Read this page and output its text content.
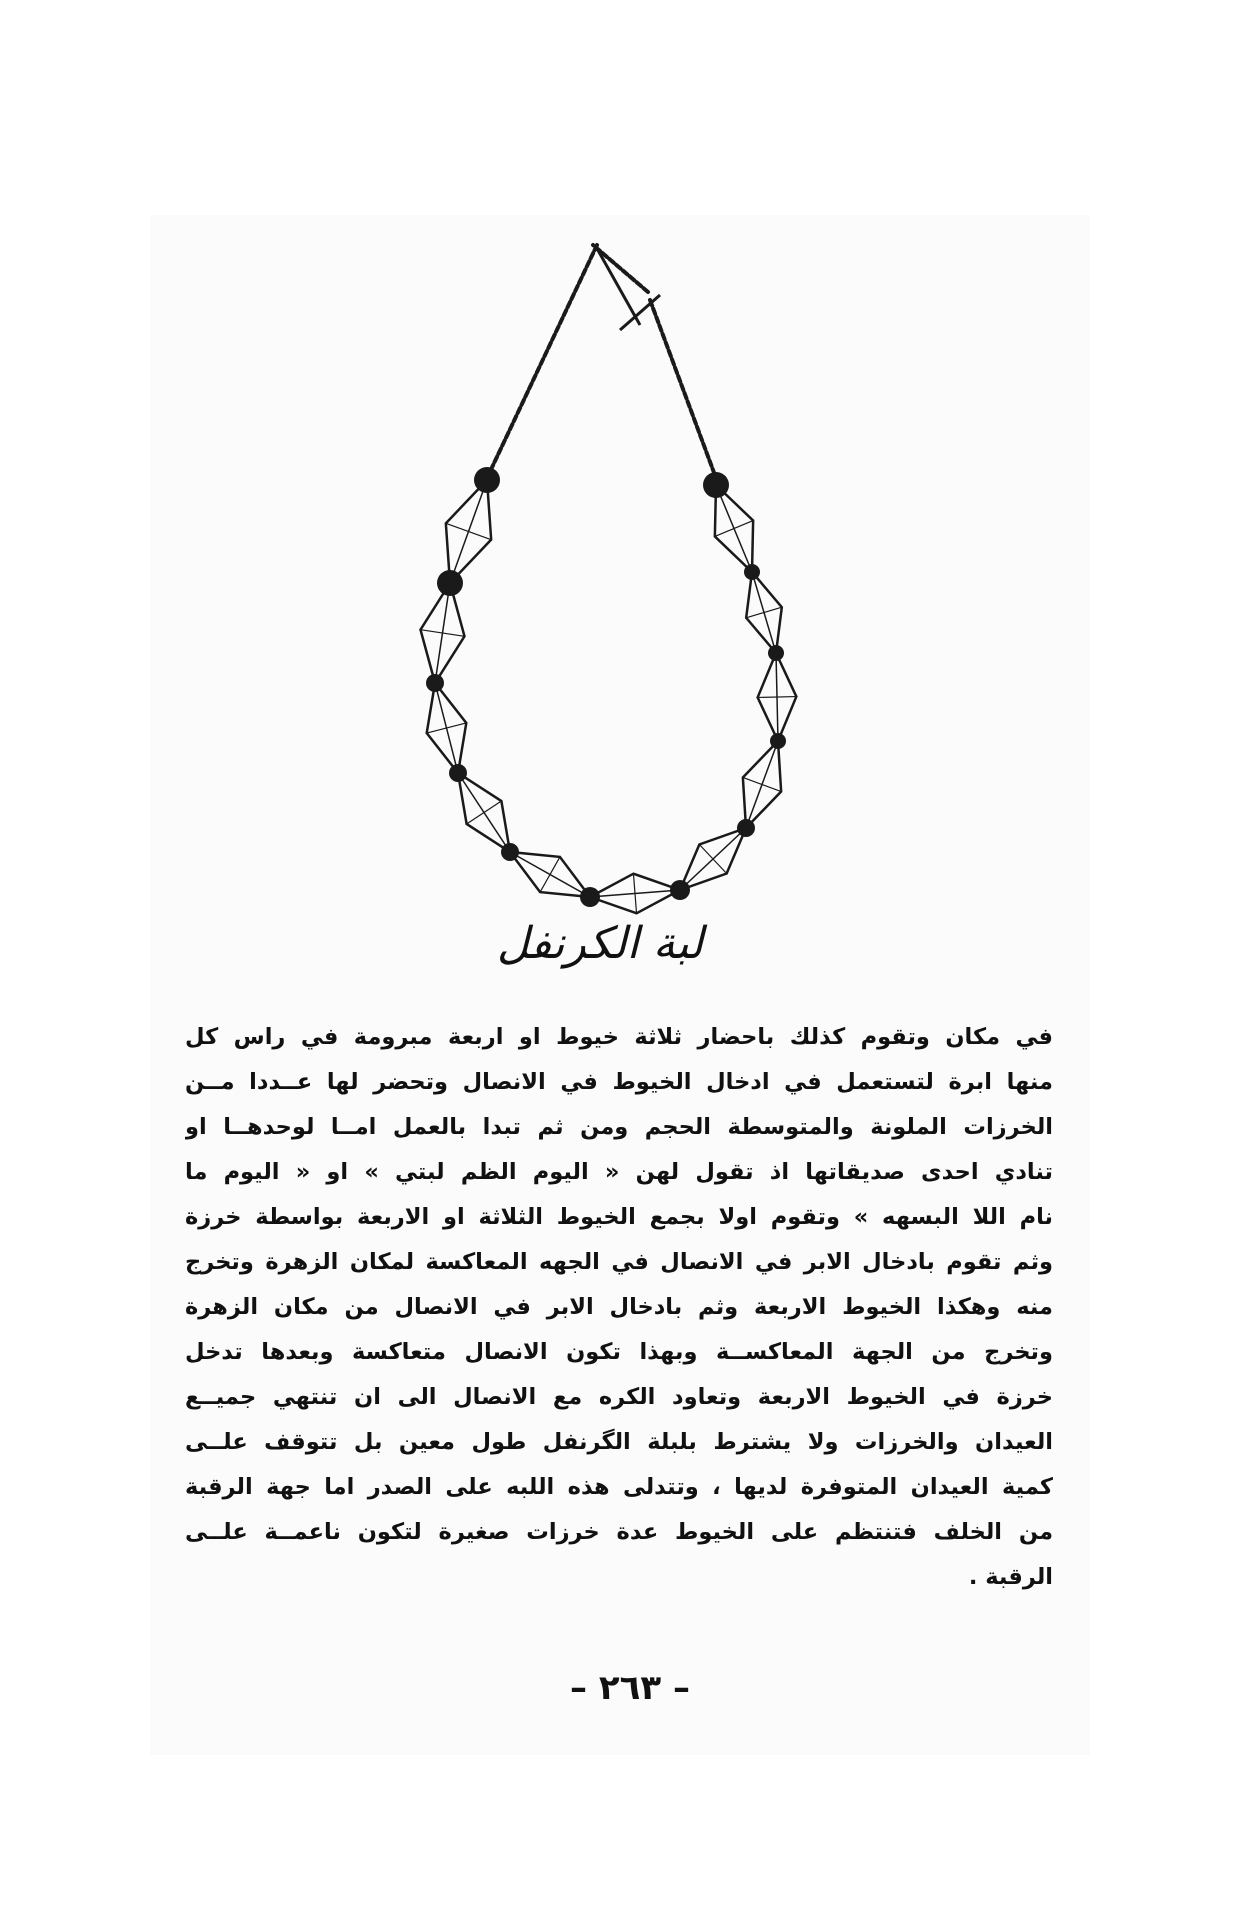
لبة الكرنفل
في مكان وتقوم كذلك باحضار ثلاثة خيوط او اربعة مبرومة في راس كل
منها ابرة لتستعمل في ادخال الخيوط في الانصال وتحضر لها عــددا مــن
الخرزات الملونة والمتوسطة الحجم ومن ثم تبدا بالعمل امــا لوحدهــا او
تنادي احدى صديقاتها اذ تقول لهن « اليوم الظم لبتي » او « اليوم ما
نام اللا البسهه » وتقوم اولا بجمع الخيوط الثلاثة او الاربعة بواسطة خرزة
وثم تقوم بادخال الابر في الانصال في الجهه المعاكسة لمكان الزهرة وتخرج
منه وهكذا الخيوط الاربعة وثم بادخال الابر في الانصال من مكان الزهرة
وتخرج من الجهة المعاكســة وبهذا تكون الانصال متعاكسة وبعدها تدخل
خرزة في الخيوط الاربعة وتعاود الكره مع الانصال الى ان تنتهي جميــع
العيدان والخرزات ولا يشترط بلبلة الگرنفل طول معين بل تتوقف علــى
كمية العيدان المتوفرة لديها ، وتتدلى هذه اللبه على الصدر اما جهة الرقبة
من الخلف فتنتظم على الخيوط عدة خرزات صغيرة لتكون ناعمــة علــى
الرقبة .
– ٢٦٣ –
